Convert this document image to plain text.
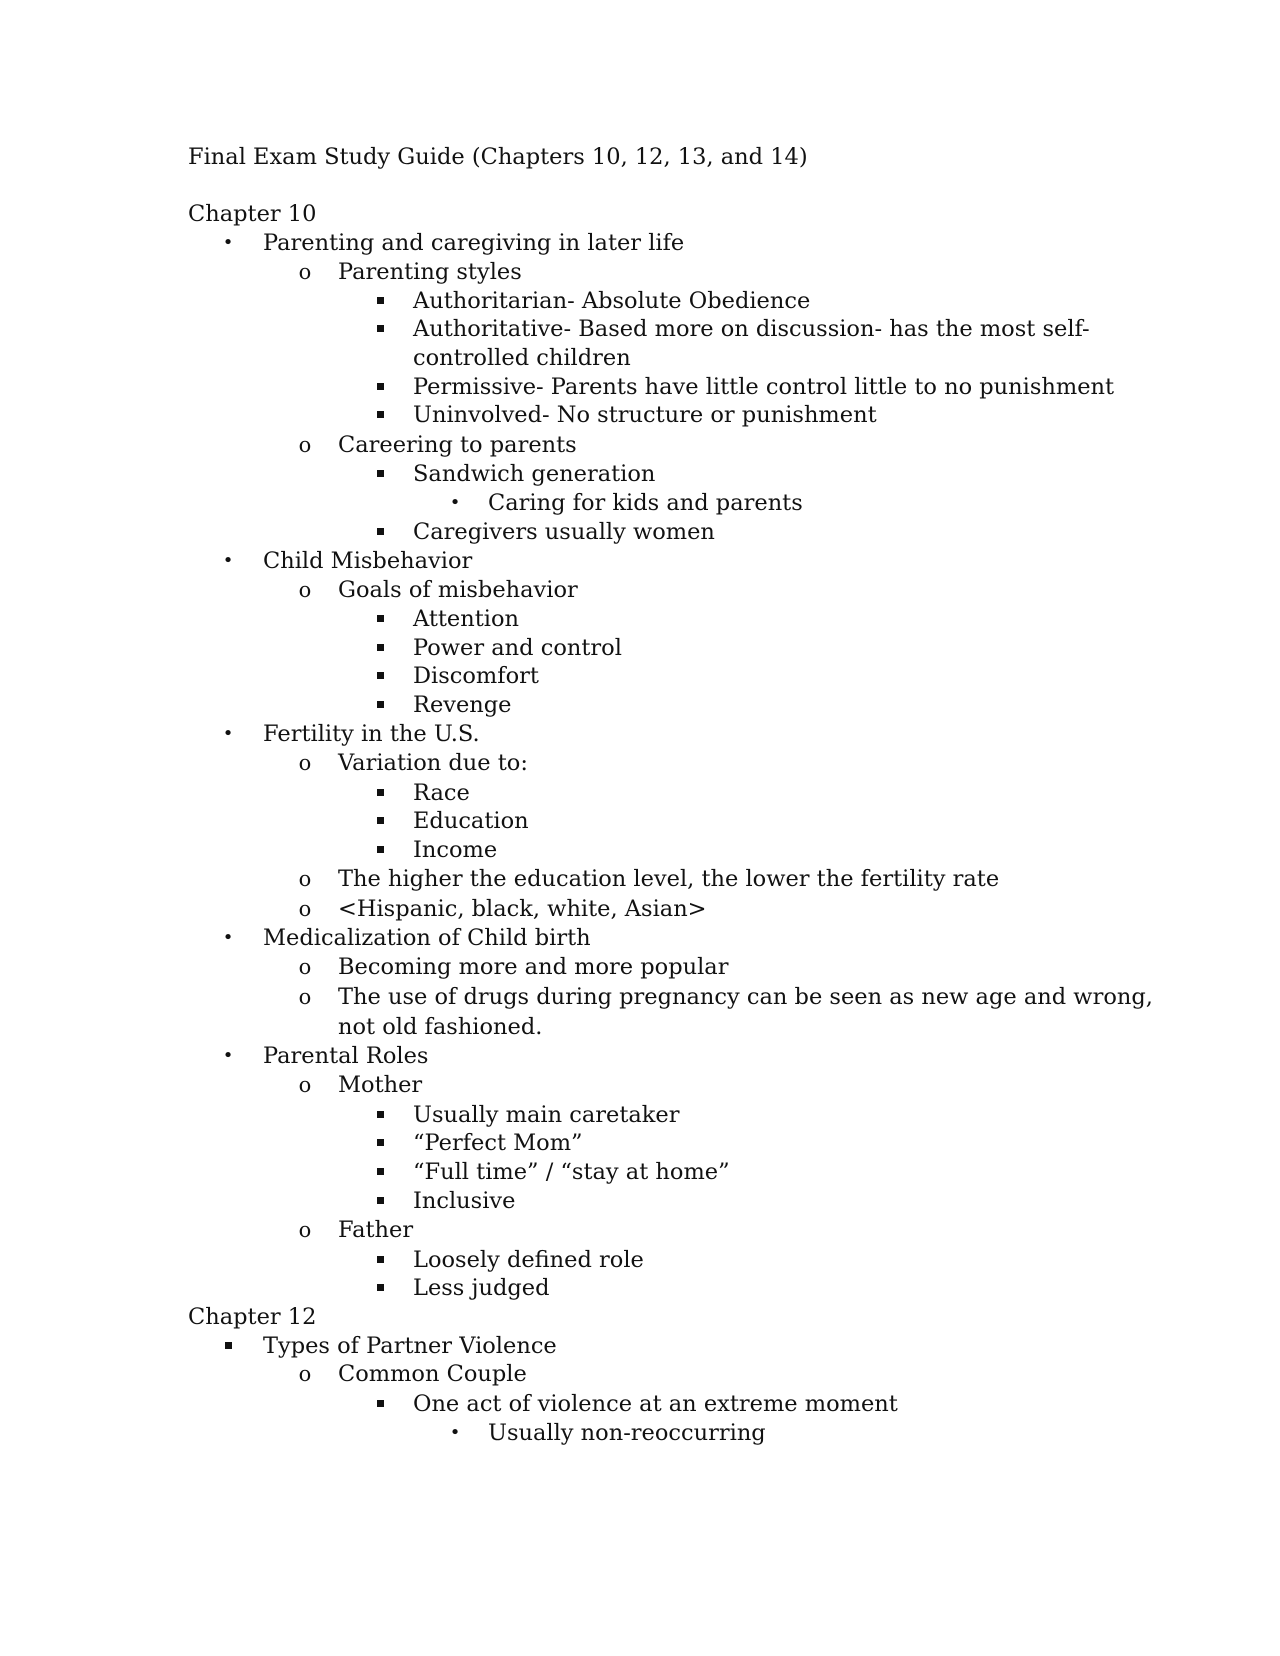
Final Exam Study Guide (Chapters 10, 12, 13, and 14)
Chapter 10
• Parenting and caregiving in later life
o Parenting styles
Authoritarian- Absolute Obedience
Authoritative- Based more on discussion- has the most self-
controlled children
Permissive- Parents have little control little to no punishment
Uninvolved- No structure or punishment
o Careering to parents
Sandwich generation
• Caring for kids and parents
Caregivers usually women
• Child Misbehavior
o Goals of misbehavior
Attention
Power and control
Discomfort
Revenge
• Fertility in the U.S.
o Variation due to:
Race
Education
Income
o The higher the education level, the lower the fertility rate
o <Hispanic, black, white, Asian>
• Medicalization of Child birth
o Becoming more and more popular
o The use of drugs during pregnancy can be seen as new age and wrong,
not old fashioned.
• Parental Roles
o Mother
Usually main caretaker
“Perfect Mom”
“Full time” / “stay at home”
Inclusive
o Father
Loosely defined role
Less judged
Chapter 12
Types of Partner Violence
o Common Couple
One act of violence at an extreme moment
• Usually non-reoccurring
